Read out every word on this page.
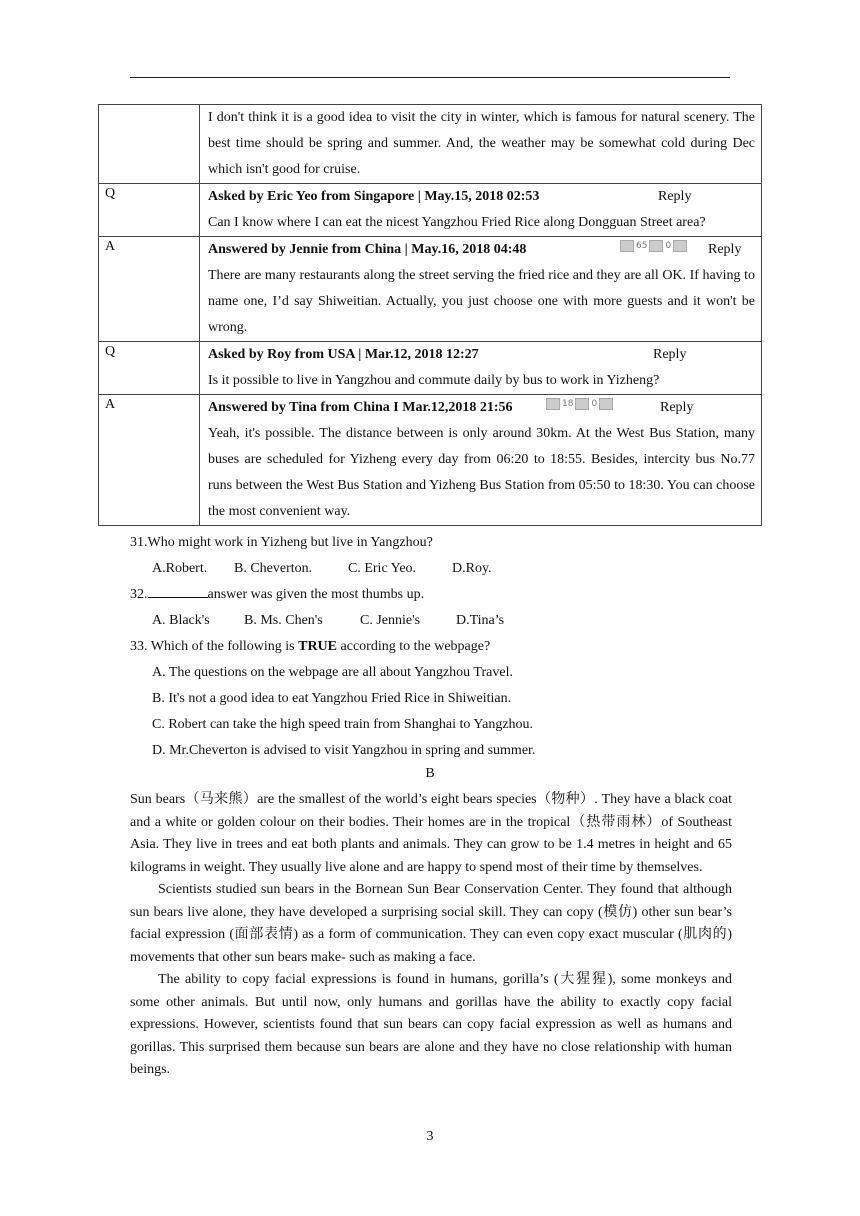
	I don't think it is a good idea to visit the city in winter, which is famous for natural scenery. The best time should be spring and summer. And, the weather may be somewhat cold during Dec which isn't good for cruise.
Q	Asked by Eric Yeo from Singapore | May.15, 2018 02:53 Reply
Can I know where I can eat the nicest Yangzhou Fried Rice along Dongguan Street area?

A	Answered by Jennie from China | May.16, 2018 04:48 65 0 Reply
There are many restaurants along the street serving the fried rice and they are all OK. If having to name one, I’d say Shiweitian. Actually, you just choose one with more guests and it won't be wrong.

Q	Asked by Roy from USA | Mar.12, 2018 12:27 Reply
Is it possible to live in Yangzhou and commute daily by bus to work in Yizheng?

A	Answered by Tina from China I Mar.12,2018 21:56 18 0 Reply
Yeah, it's possible. The distance between is only around 30km. At the West Bus Station, many buses are scheduled for Yizheng every day from 06:20 to 18:55. Besides, intercity bus No.77 runs between the West Bus Station and Yizheng Bus Station from 05:50 to 18:30. You can choose the most convenient way.
31.Who might work in Yizheng but live in Yangzhou?
A.Robert. B. Cheverton.	C. Eric Yeo.	D.Roy.
32.	answer was given the most thumbs up.
A. Black's B. Ms. Chen's	C. Jennie's	D.Tina’s
33. Which of the following is TRUE according to the webpage?
A. The questions on the webpage are all about Yangzhou Travel.
B. It's not a good idea to eat Yangzhou Fried Rice in Shiweitian.
C. Robert can take the high speed train from Shanghai to Yangzhou.
D. Mr.Cheverton is advised to visit Yangzhou in spring and summer.
B

Sun bears（马来熊）are the smallest of the world’s eight bears species（物种）. They have a black coat and a white or golden colour on their bodies. Their homes are in the tropical（热带雨林）of Southeast Asia. They live in trees and eat both plants and animals. They can grow to be 1.4 metres in height and 65 kilograms in weight. They usually live alone and are happy to spend most of their time by themselves.

Scientists studied sun bears in the Bornean Sun Bear Conservation Center. They found that although sun bears live alone, they have developed a surprising social skill. They can copy (模仿) other sun bear’s facial expression (面部表情) as a form of communication. They can even copy exact muscular (肌肉的) movements that other sun bears make- such as making a face.

The ability to copy facial expressions is found in humans, gorilla’s (大猩猩), some monkeys and some other animals. But until now, only humans and gorillas have the ability to exactly copy facial expressions. However, scientists found that sun bears can copy facial expression as well as humans and gorillas. This surprised them because sun bears are alone and they have no close relationship with human beings.

3
